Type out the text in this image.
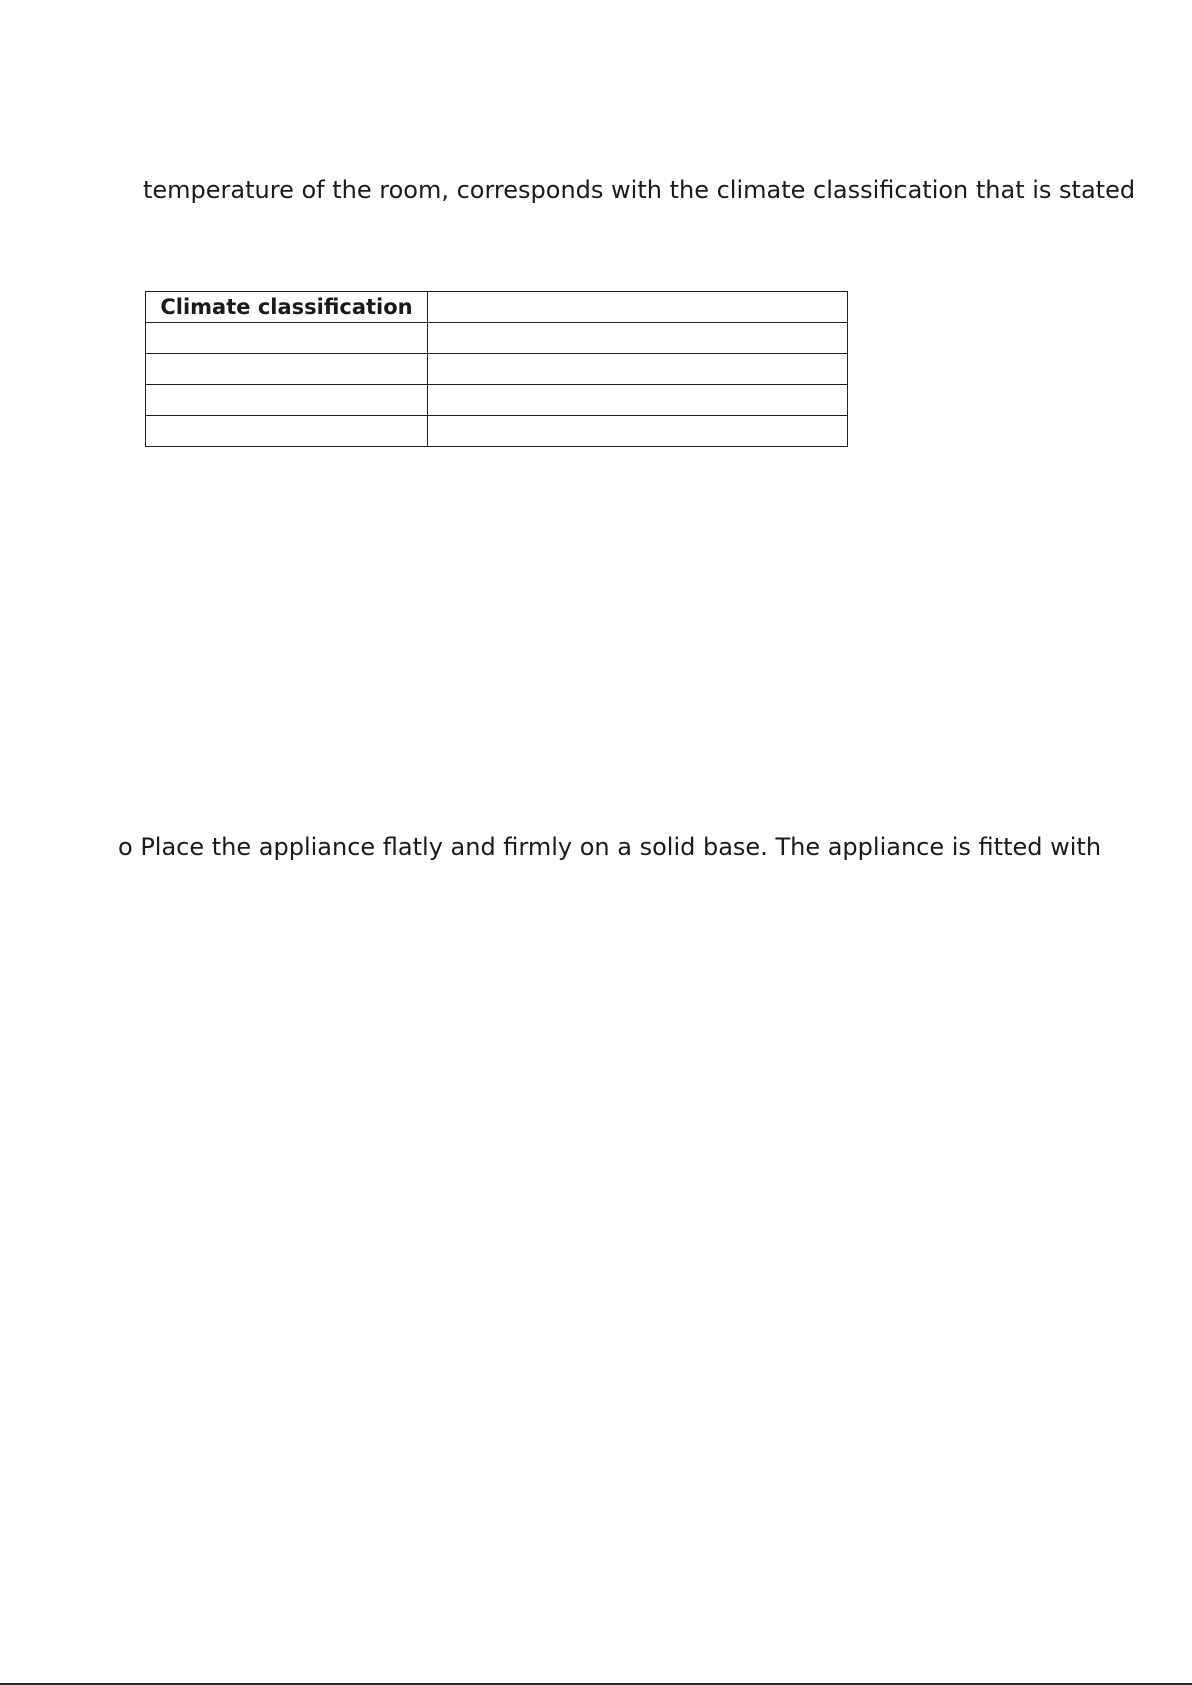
temperature of the room, corresponds with the climate classification that is stated
Climate classification	

o Place the appliance flatly and firmly on a solid base. The appliance is fitted with
